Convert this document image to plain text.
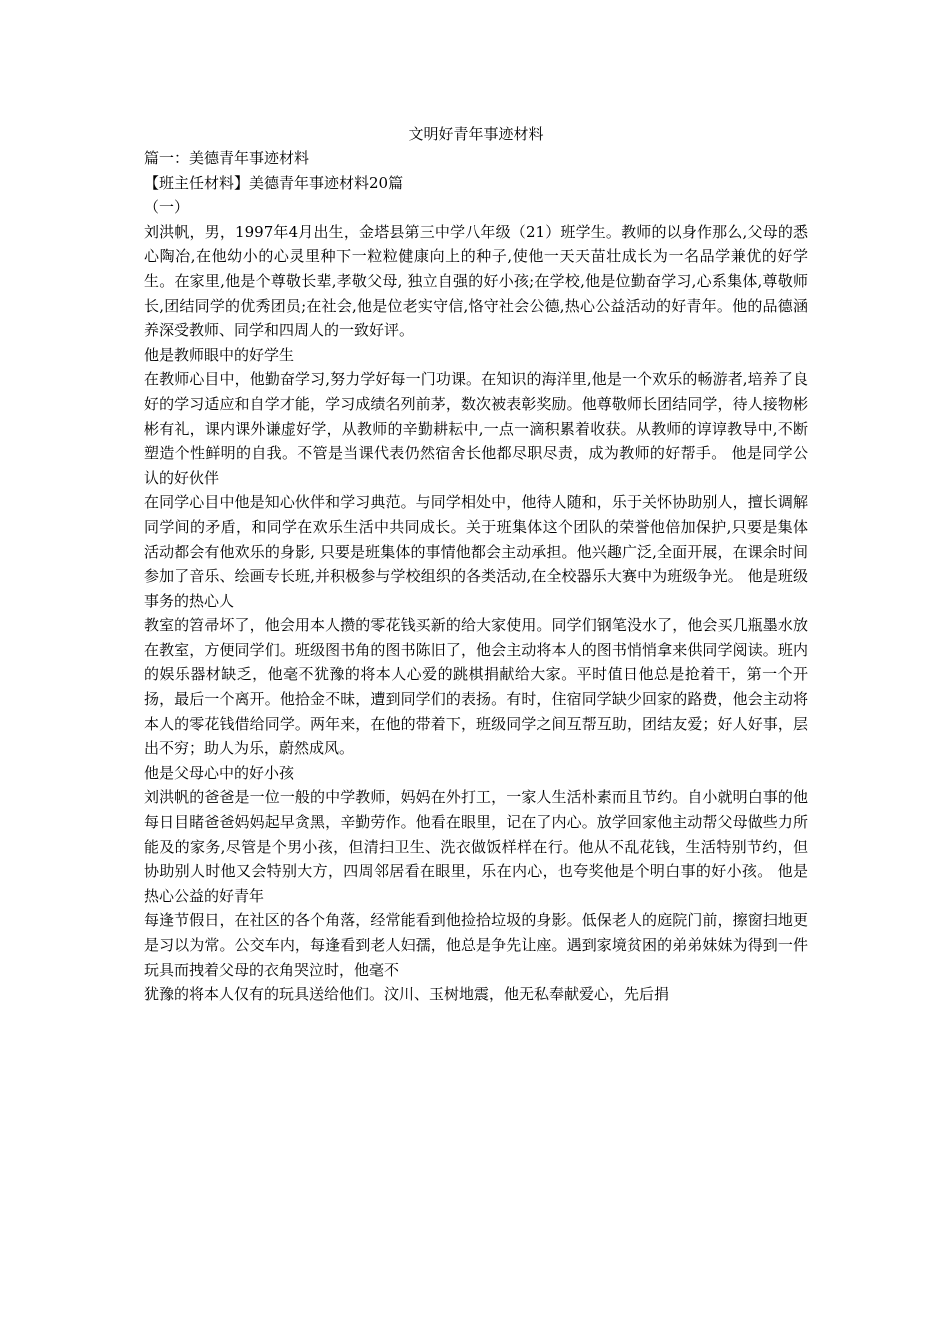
文明好青年事迹材料

篇一：美德青年事迹材料

【班主任材料】美德青年事迹材料20篇

（一）

刘洪帆，男，1997年4月出生，金塔县第三中学八年级（21）班学生。教师的以身作那么,父母的悉心陶冶,在他幼小的心灵里种下一粒粒健康向上的种子,使他一天天苗壮成长为一名品学兼优的好学生。在家里,他是个尊敬长辈,孝敬父母, 独立自强的好小孩;在学校,他是位勤奋学习,心系集体,尊敬师长,团结同学的优秀团员;在社会,他是位老实守信,恪守社会公德,热心公益活动的好青年。他的品德涵养深受教师、同学和四周人的一致好评。

他是教师眼中的好学生

在教师心目中，他勤奋学习,努力学好每一门功课。在知识的海洋里,他是一个欢乐的畅游者,培养了良好的学习适应和自学才能，学习成绩名列前茅，数次被表彰奖励。他尊敬师长团结同学，待人接物彬彬有礼，课内课外谦虚好学，从教师的辛勤耕耘中,一点一滴积累着收获。从教师的谆谆教导中,不断塑造个性鲜明的自我。不管是当课代表仍然宿舍长他都尽职尽责，成为教师的好帮手。 他是同学公认的好伙伴

在同学心目中他是知心伙伴和学习典范。与同学相处中，他待人随和，乐于关怀协助别人，擅长调解同学间的矛盾，和同学在欢乐生活中共同成长。关于班集体这个团队的荣誉他倍加保护,只要是集体活动都会有他欢乐的身影, 只要是班集体的事情他都会主动承担。他兴趣广泛,全面开展，在课余时间参加了音乐、绘画专长班,并积极参与学校组织的各类活动,在全校器乐大赛中为班级争光。 他是班级事务的热心人

教室的笤帚坏了，他会用本人攒的零花钱买新的给大家使用。同学们钢笔没水了，他会买几瓶墨水放在教室，方便同学们。班级图书角的图书陈旧了，他会主动将本人的图书悄悄拿来供同学阅读。班内的娱乐器材缺乏，他毫不犹豫的将本人心爱的跳棋捐献给大家。平时值日他总是抢着干，第一个开扬，最后一个离开。他拾金不昧，遭到同学们的表扬。有时，住宿同学缺少回家的路费，他会主动将本人的零花钱借给同学。两年来，在他的带着下，班级同学之间互帮互助，团结友爱；好人好事，层出不穷；助人为乐，蔚然成风。

他是父母心中的好小孩

刘洪帆的爸爸是一位一般的中学教师，妈妈在外打工，一家人生活朴素而且节约。自小就明白事的他每日目睹爸爸妈妈起早贪黑，辛勤劳作。他看在眼里，记在了内心。放学回家他主动帮父母做些力所能及的家务,尽管是个男小孩，但清扫卫生、洗衣做饭样样在行。他从不乱花钱，生活特别节约，但协助别人时他又会特别大方，四周邻居看在眼里，乐在内心，也夸奖他是个明白事的好小孩。 他是热心公益的好青年

每逢节假日，在社区的各个角落，经常能看到他捡拾垃圾的身影。低保老人的庭院门前，擦窗扫地更是习以为常。公交车内，每逢看到老人妇孺，他总是争先让座。遇到家境贫困的弟弟妹妹为得到一件玩具而拽着父母的衣角哭泣时，他毫不

犹豫的将本人仅有的玩具送给他们。汶川、玉树地震，他无私奉献爱心，先后捐
